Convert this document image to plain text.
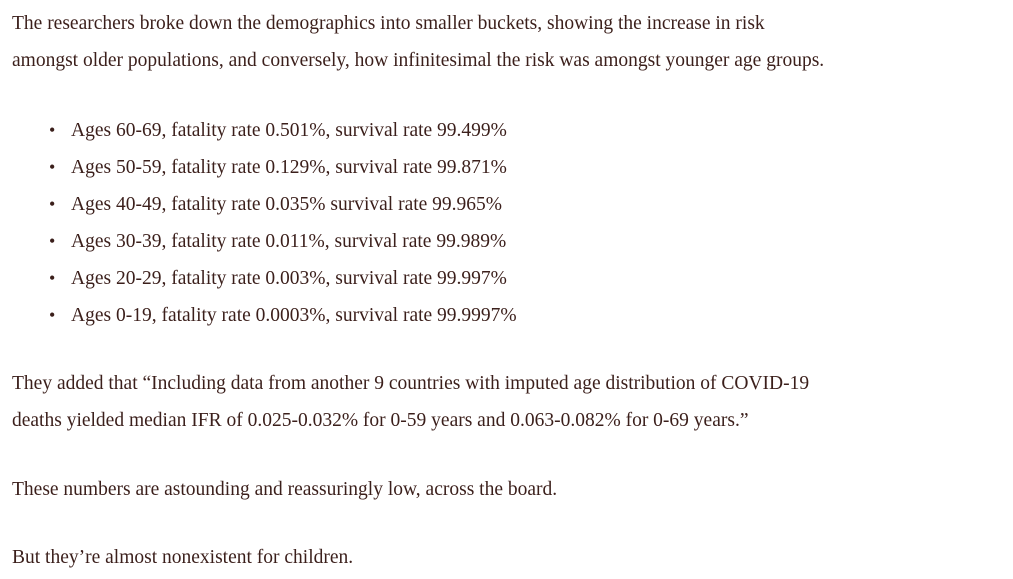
The researchers broke down the demographics into smaller buckets, showing the increase in risk
amongst older populations, and conversely, how infinitesimal the risk was amongst younger age groups.

• Ages 60-69, fatality rate 0.501%, survival rate 99.499%
• Ages 50-59, fatality rate 0.129%, survival rate 99.871%
• Ages 40-49, fatality rate 0.035% survival rate 99.965%
• Ages 30-39, fatality rate 0.011%, survival rate 99.989%
• Ages 20-29, fatality rate 0.003%, survival rate 99.997%
• Ages 0-19, fatality rate 0.0003%, survival rate 99.9997%

They added that “Including data from another 9 countries with imputed age distribution of COVID-19
deaths yielded median IFR of 0.025-0.032% for 0-59 years and 0.063-0.082% for 0-69 years.”

These numbers are astounding and reassuringly low, across the board.

But they’re almost nonexistent for children.
